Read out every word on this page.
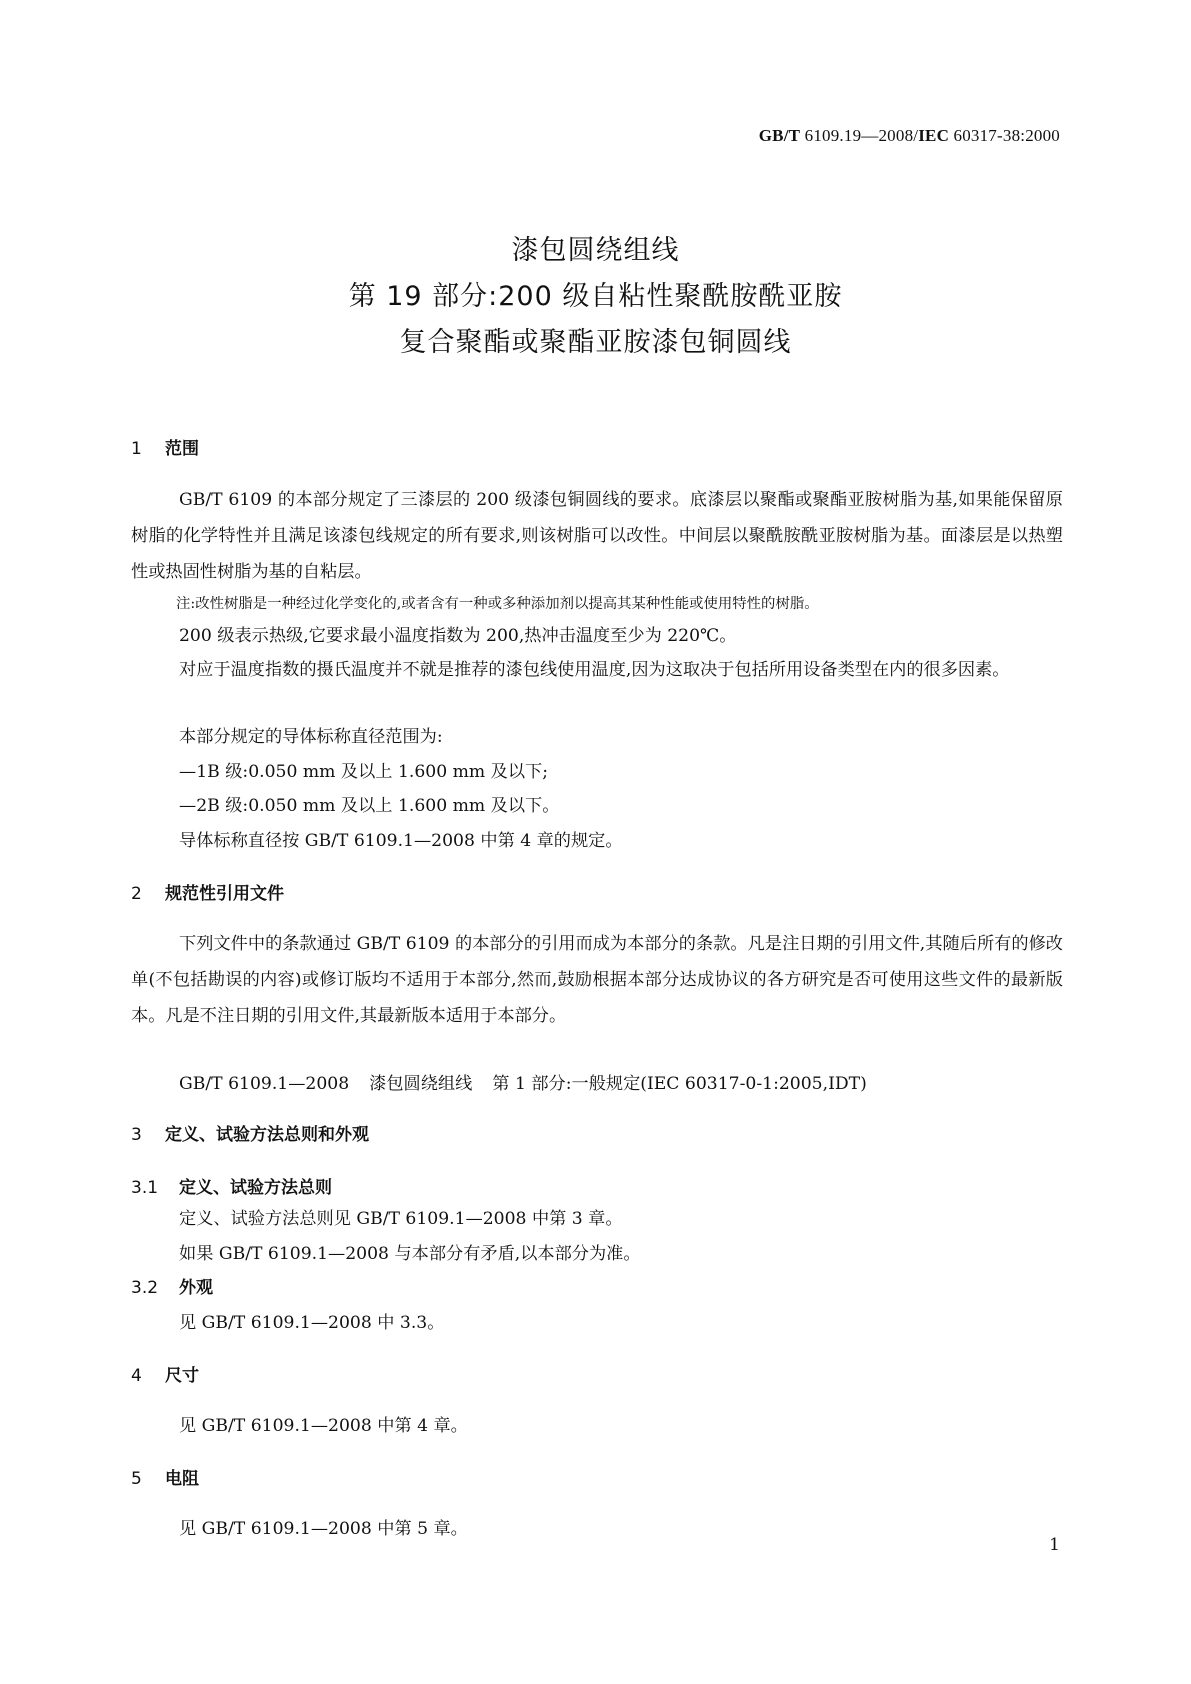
GB/T 6109.19—2008/IEC 60317-38:2000
漆包圆绕组线
第 19 部分:200 级自粘性聚酰胺酰亚胺
复合聚酯或聚酯亚胺漆包铜圆线
1 范围

GB/T 6109 的本部分规定了三漆层的 200 级漆包铜圆线的要求。底漆层以聚酯或聚酯亚胺树脂为基,如果能保留原树脂的化学特性并且满足该漆包线规定的所有要求,则该树脂可以改性。中间层以聚酰胺酰亚胺树脂为基。面漆层是以热塑性或热固性树脂为基的自粘层。

注:改性树脂是一种经过化学变化的,或者含有一种或多种添加剂以提高其某种性能或使用特性的树脂。
200 级表示热级,它要求最小温度指数为 200,热冲击温度至少为 220℃。

对应于温度指数的摄氏温度并不就是推荐的漆包线使用温度,因为这取决于包括所用设备类型在内的很多因素。

本部分规定的导体标称直径范围为:
—1B 级:0.050 mm 及以上 1.600 mm 及以下;
—2B 级:0.050 mm 及以上 1.600 mm 及以下。
导体标称直径按 GB/T 6109.1—2008 中第 4 章的规定。
2 规范性引用文件

下列文件中的条款通过 GB/T 6109 的本部分的引用而成为本部分的条款。凡是注日期的引用文件,其随后所有的修改单(不包括勘误的内容)或修订版均不适用于本部分,然而,鼓励根据本部分达成协议的各方研究是否可使用这些文件的最新版本。凡是不注日期的引用文件,其最新版本适用于本部分。

GB/T 6109.1—2008 漆包圆绕组线 第 1 部分:一般规定(IEC 60317-0-1:2005,IDT)
3 定义、试验方法总则和外观
3.1 定义、试验方法总则
定义、试验方法总则见 GB/T 6109.1—2008 中第 3 章。
如果 GB/T 6109.1—2008 与本部分有矛盾,以本部分为准。
3.2 外观
见 GB/T 6109.1—2008 中 3.3。
4 尺寸
见 GB/T 6109.1—2008 中第 4 章。
5 电阻
见 GB/T 6109.1—2008 中第 5 章。
1
